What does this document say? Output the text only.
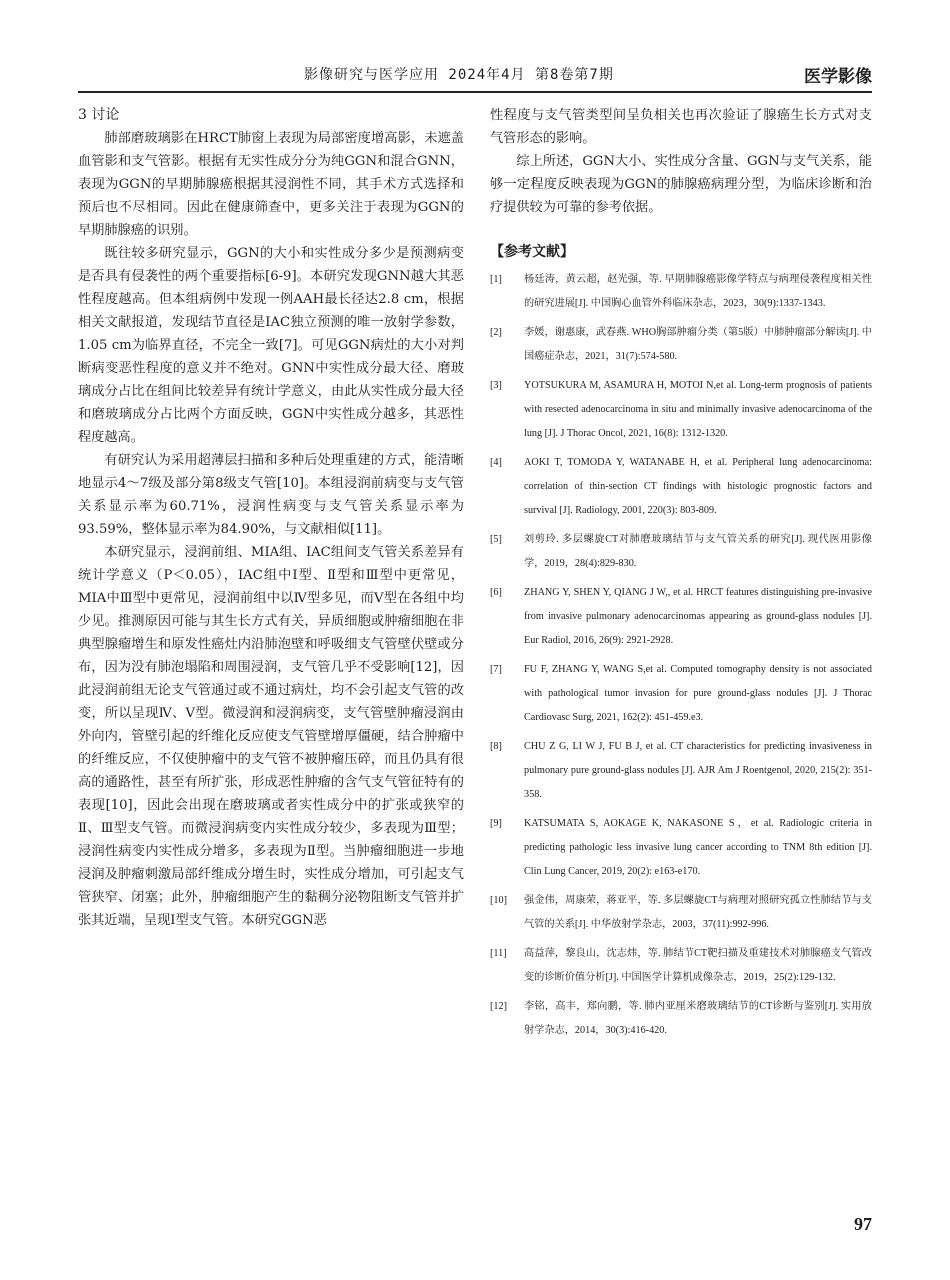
影像研究与医学应用 2024年4月 第8卷第7期	医学影像
3 讨论

肺部磨玻璃影在HRCT肺窗上表现为局部密度增高影，未遮盖血管影和支气管影。根据有无实性成分分为纯GGN和混合GNN，表现为GGN的早期肺腺癌根据其浸润性不同，其手术方式选择和预后也不尽相同。因此在健康筛查中，更多关注于表现为GGN的早期肺腺癌的识别。

既往较多研究显示，GGN的大小和实性成分多少是预测病变是否具有侵袭性的两个重要指标[6-9]。本研究发现GNN越大其恶性程度越高。但本组病例中发现一例AAH最长径达2.8 cm，根据相关文献报道，发现结节直径是IAC独立预测的唯一放射学参数，1.05 cm为临界直径，不完全一致[7]。可见GGN病灶的大小对判断病变恶性程度的意义并不绝对。GNN中实性成分最大径、磨玻璃成分占比在组间比较差异有统计学意义，由此从实性成分最大径和磨玻璃成分占比两个方面反映，GGN中实性成分越多，其恶性程度越高。

有研究认为采用超薄层扫描和多种后处理重建的方式，能清晰地显示4～7级及部分第8级支气管[10]。本组浸润前病变与支气管关系显示率为60.71%，浸润性病变与支气管关系显示率为93.59%，整体显示率为84.90%，与文献相似[11]。

本研究显示，浸润前组、MIA组、IAC组间支气管关系差异有统计学意义（P＜0.05），IAC组中Ⅰ型、Ⅱ型和Ⅲ型中更常见，MIA中Ⅲ型中更常见，浸润前组中以Ⅳ型多见，而Ⅴ型在各组中均少见。推测原因可能与其生长方式有关，异质细胞或肿瘤细胞在非典型腺瘤增生和原发性癌灶内沿肺泡壁和呼吸细支气管壁伏壁或分布，因为没有肺泡塌陷和周围浸润，支气管几乎不受影响[12]，因此浸润前组无论支气管通过或不通过病灶，均不会引起支气管的改变，所以呈现Ⅳ、Ⅴ型。微浸润和浸润病变，支气管壁肿瘤浸润由外向内，管壁引起的纤维化反应使支气管壁增厚僵硬，结合肿瘤中的纤维反应，不仅使肿瘤中的支气管不被肿瘤压碎，而且仍具有很高的通路性，甚至有所扩张，形成恶性肿瘤的含气支气管征特有的表现[10]，因此会出现在磨玻璃或者实性成分中的扩张或狭窄的Ⅱ、Ⅲ型支气管。而微浸润病变内实性成分较少，多表现为Ⅲ型；浸润性病变内实性成分增多，多表现为Ⅱ型。当肿瘤细胞进一步地浸润及肿瘤刺激局部纤维成分增生时，实性成分增加，可引起支气管狭窄、闭塞；此外，肿瘤细胞产生的黏稠分泌物阻断支气管并扩张其近端，呈现Ⅰ型支气管。本研究GGN恶

性程度与支气管类型间呈负相关也再次验证了腺癌生长方式对支气管形态的影响。

综上所述，GGN大小、实性成分含量、GGN与支气关系，能够一定程度反映表现为GGN的肺腺癌病理分型，为临床诊断和治疗提供较为可靠的参考依据。

【参考文献】
[1]	杨廷涛，黄云超，赵光强，等. 早期肺腺癌影像学特点与病理侵袭程度相关性的研究进展[J]. 中国胸心血管外科临床杂志，2023，30(9):1337-1343.
[2]	李媛，谢惠康，武春燕. WHO胸部肿瘤分类（第5版）中肺肿瘤部分解读[J]. 中国癌症杂志，2021，31(7):574-580.
[3]	YOTSUKURA M, ASAMURA H, MOTOI N,et al. Long-term prognosis of patients with resected adenocarcinoma in situ and minimally invasive adenocarcinoma of the lung [J]. J Thorac Oncol, 2021, 16(8): 1312-1320.
[4]	AOKI T, TOMODA Y, WATANABE H, et al. Peripheral lung adenocarcinoma: correlation of thin-section CT findings with histologic prognostic factors and survival [J]. Radiology, 2001, 220(3): 803-809.
[5]	刘剪玲. 多层螺旋CT对肺磨玻璃结节与支气管关系的研究[J]. 现代医用影像学，2019，28(4):829-830.
[6]	ZHANG Y, SHEN Y, QIANG J W,, et al. HRCT features distinguishing pre-invasive from invasive pulmonary adenocarcinomas appearing as ground-glass nodules [J]. Eur Radiol, 2016, 26(9): 2921-2928.
[7]	FU F, ZHANG Y, WANG S,et al. Computed tomography density is not associated with pathological tumor invasion for pure ground-glass nodules [J]. J Thorac Cardiovasc Surg, 2021, 162(2): 451-459.e3.
[8]	CHU Z G, LI W J, FU B J, et al. CT characteristics for predicting invasiveness in pulmonary pure ground-glass nodules [J]. AJR Am J Roentgenol, 2020, 215(2): 351-358.
[9]	KATSUMATA S, AOKAGE K, NAKASONE S，et al. Radiologic criteria in predicting pathologic less invasive lung cancer according to TNM 8th edition [J]. Clin Lung Cancer, 2019, 20(2): e163-e170.
[10]	强金伟，周康荣，蒋亚平，等. 多层螺旋CT与病理对照研究孤立性肺结节与支气管的关系[J]. 中华放射学杂志，2003，37(11):992-996.
[11]	高益萍，黎良山，沈志炜，等. 肺结节CT靶扫描及重建技术对肺腺癌支气管改变的诊断价值分析[J]. 中国医学计算机成像杂志，2019，25(2):129-132.
[12]	李铭，高丰，郑向鹏，等. 肺内亚厘米磨玻璃结节的CT诊断与鉴别[J]. 实用放射学杂志，2014，30(3):416-420.
97
